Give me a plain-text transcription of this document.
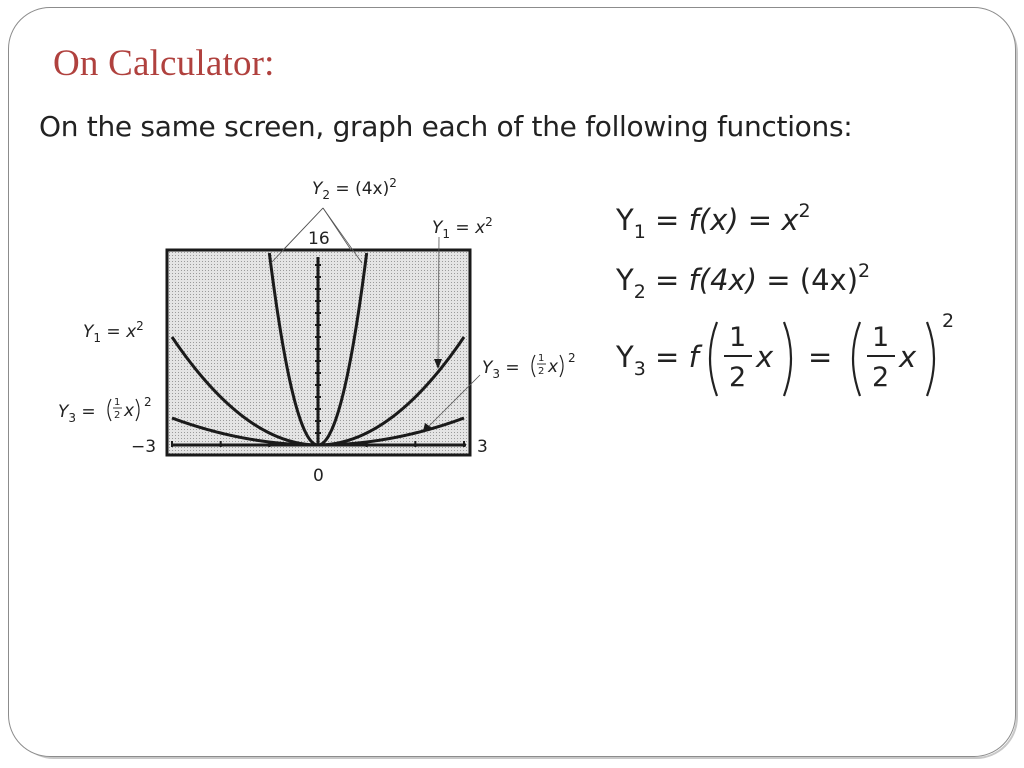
On Calculator:
On the same screen, graph each of the following functions:
16
−3	3
0
$Y_2 = (4x)^2$
$Y_1 = x^2$
$Y_1 = x^2$
$Y_3 = 1$
2 x 2
$Y_3 = 1$
2 x 2
$Y_1 = f(x) = x^2$
$Y_2 = f(4x) = (4x)^2$
$Y_3 = f$
1
2
x =
1
2
x
2
